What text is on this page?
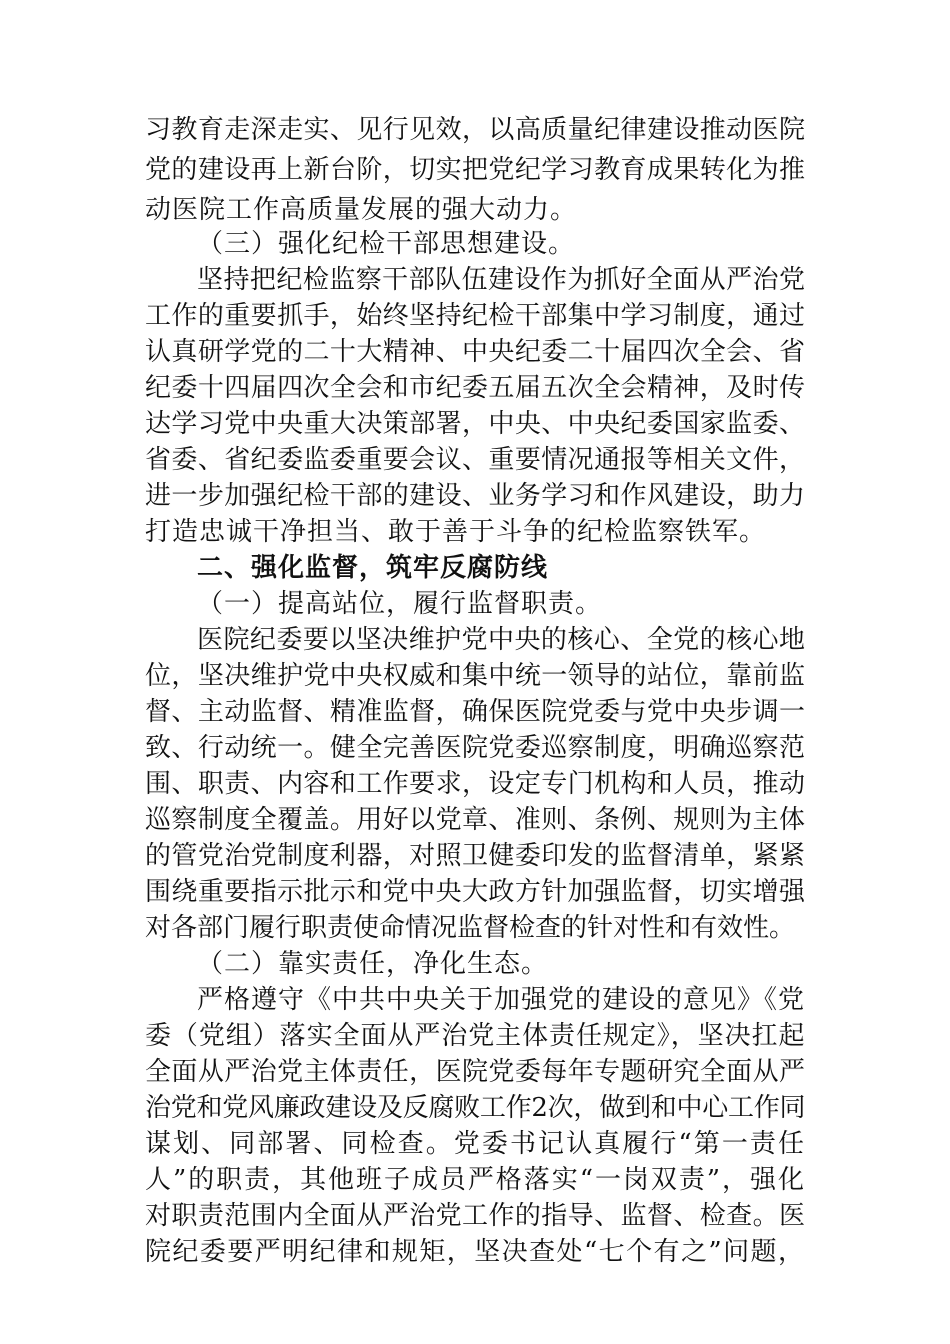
习教育走深走实、见行见效，以高质量纪律建设推动医院
党的建设再上新台阶，切实把党纪学习教育成果转化为推
动医院工作高质量发展的强大动力。
（三）强化纪检干部思想建设。
坚持把纪检监察干部队伍建设作为抓好全面从严治党
工作的重要抓手，始终坚持纪检干部集中学习制度，通过
认真研学党的二十大精神、中央纪委二十届四次全会、省
纪委十四届四次全会和市纪委五届五次全会精神，及时传
达学习党中央重大决策部署，中央、中央纪委国家监委、
省委、省纪委监委重要会议、重要情况通报等相关文件，
进一步加强纪检干部的建设、业务学习和作风建设，助力
打造忠诚干净担当、敢于善于斗争的纪检监察铁军。
二、强化监督，筑牢反腐防线
（一）提高站位，履行监督职责。
医院纪委要以坚决维护党中央的核心、全党的核心地
位，坚决维护党中央权威和集中统一领导的站位，靠前监
督、主动监督、精准监督，确保医院党委与党中央步调一
致、行动统一。健全完善医院党委巡察制度，明确巡察范
围、职责、内容和工作要求，设定专门机构和人员，推动
巡察制度全覆盖。用好以党章、准则、条例、规则为主体
的管党治党制度利器，对照卫健委印发的监督清单，紧紧
围绕重要指示批示和党中央大政方针加强监督，切实增强
对各部门履行职责使命情况监督检查的针对性和有效性。
（二）靠实责任，净化生态。
严格遵守《中共中央关于加强党的建设的意见》《党
委（党组）落实全面从严治党主体责任规定》，坚决扛起
全面从严治党主体责任，医院党委每年专题研究全面从严
治党和党风廉政建设及反腐败工作2次，做到和中心工作同
谋划、同部署、同检查。党委书记认真履行“第一责任
人”的职责，其他班子成员严格落实“一岗双责”，强化
对职责范围内全面从严治党工作的指导、监督、检查。医
院纪委要严明纪律和规矩，坚决查处“七个有之”问题，
